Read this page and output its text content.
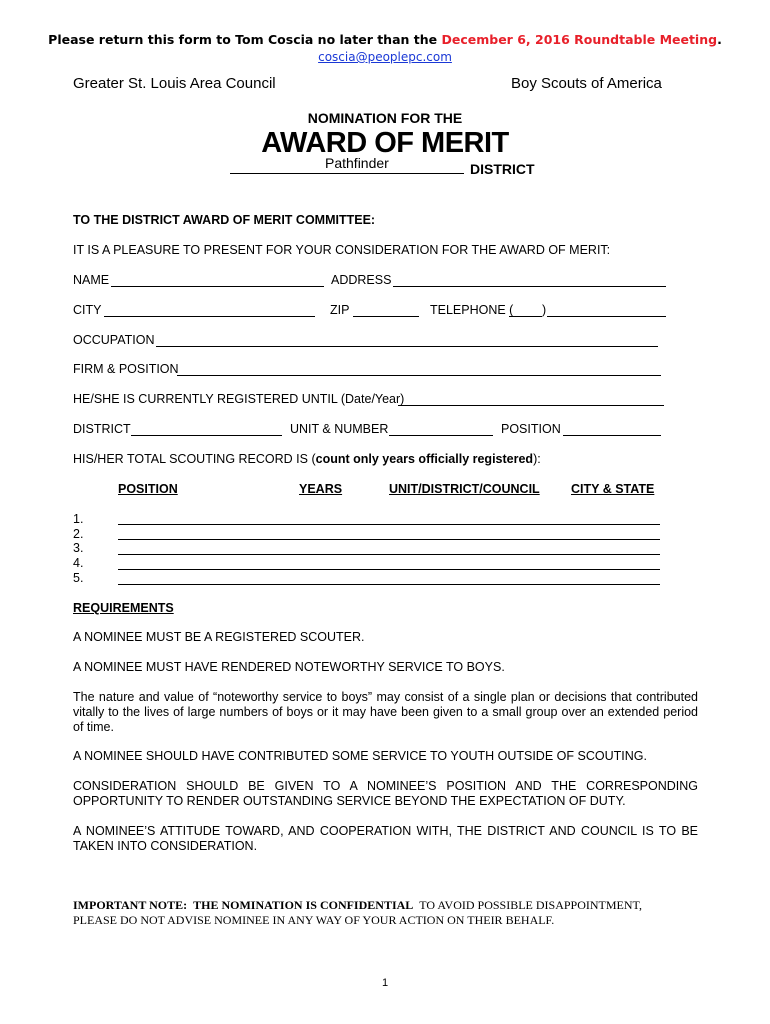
Please return this form to Tom Coscia no later than the December 6, 2016 Roundtable Meeting.
coscia@peoplepc.com
Greater St. Louis Area Council	Boy Scouts of America
NOMINATION FOR THE
AWARD OF MERIT
Pathfinder	DISTRICT
TO THE DISTRICT AWARD OF MERIT COMMITTEE:
IT IS A PLEASURE TO PRESENT FOR YOUR CONSIDERATION FOR THE AWARD OF MERIT:
NAME	ADDRESS
CITY	ZIP	TELEPHONE ( )
OCCUPATION
FIRM & POSITION
HE/SHE IS CURRENTLY REGISTERED UNTIL (Date/Year)
DISTRICT	UNIT & NUMBER	POSITION
HIS/HER TOTAL SCOUTING RECORD IS (count only years officially registered):
POSITION	YEARS	UNIT/DISTRICT/COUNCIL	CITY & STATE
1.
2.
3.
4.
5.
REQUIREMENTS
A NOMINEE MUST BE A REGISTERED SCOUTER.
A NOMINEE MUST HAVE RENDERED NOTEWORTHY SERVICE TO BOYS.
The nature and value of “noteworthy service to boys” may consist of a single plan or decisions that contributed
vitally to the lives of large numbers of boys or it may have been given to a small group over an extended period
of time.
A NOMINEE SHOULD HAVE CONTRIBUTED SOME SERVICE TO YOUTH OUTSIDE OF SCOUTING.
CONSIDERATION SHOULD BE GIVEN TO A NOMINEE’S POSITION AND THE CORRESPONDING
OPPORTUNITY TO RENDER OUTSTANDING SERVICE BEYOND THE EXPECTATION OF DUTY.
A NOMINEE’S ATTITUDE TOWARD, AND COOPERATION WITH, THE DISTRICT AND COUNCIL IS TO BE
TAKEN INTO CONSIDERATION.
IMPORTANT NOTE: THE NOMINATION IS CONFIDENTIAL TO AVOID POSSIBLE DISAPPOINTMENT,
PLEASE DO NOT ADVISE NOMINEE IN ANY WAY OF YOUR ACTION ON THEIR BEHALF.
1
